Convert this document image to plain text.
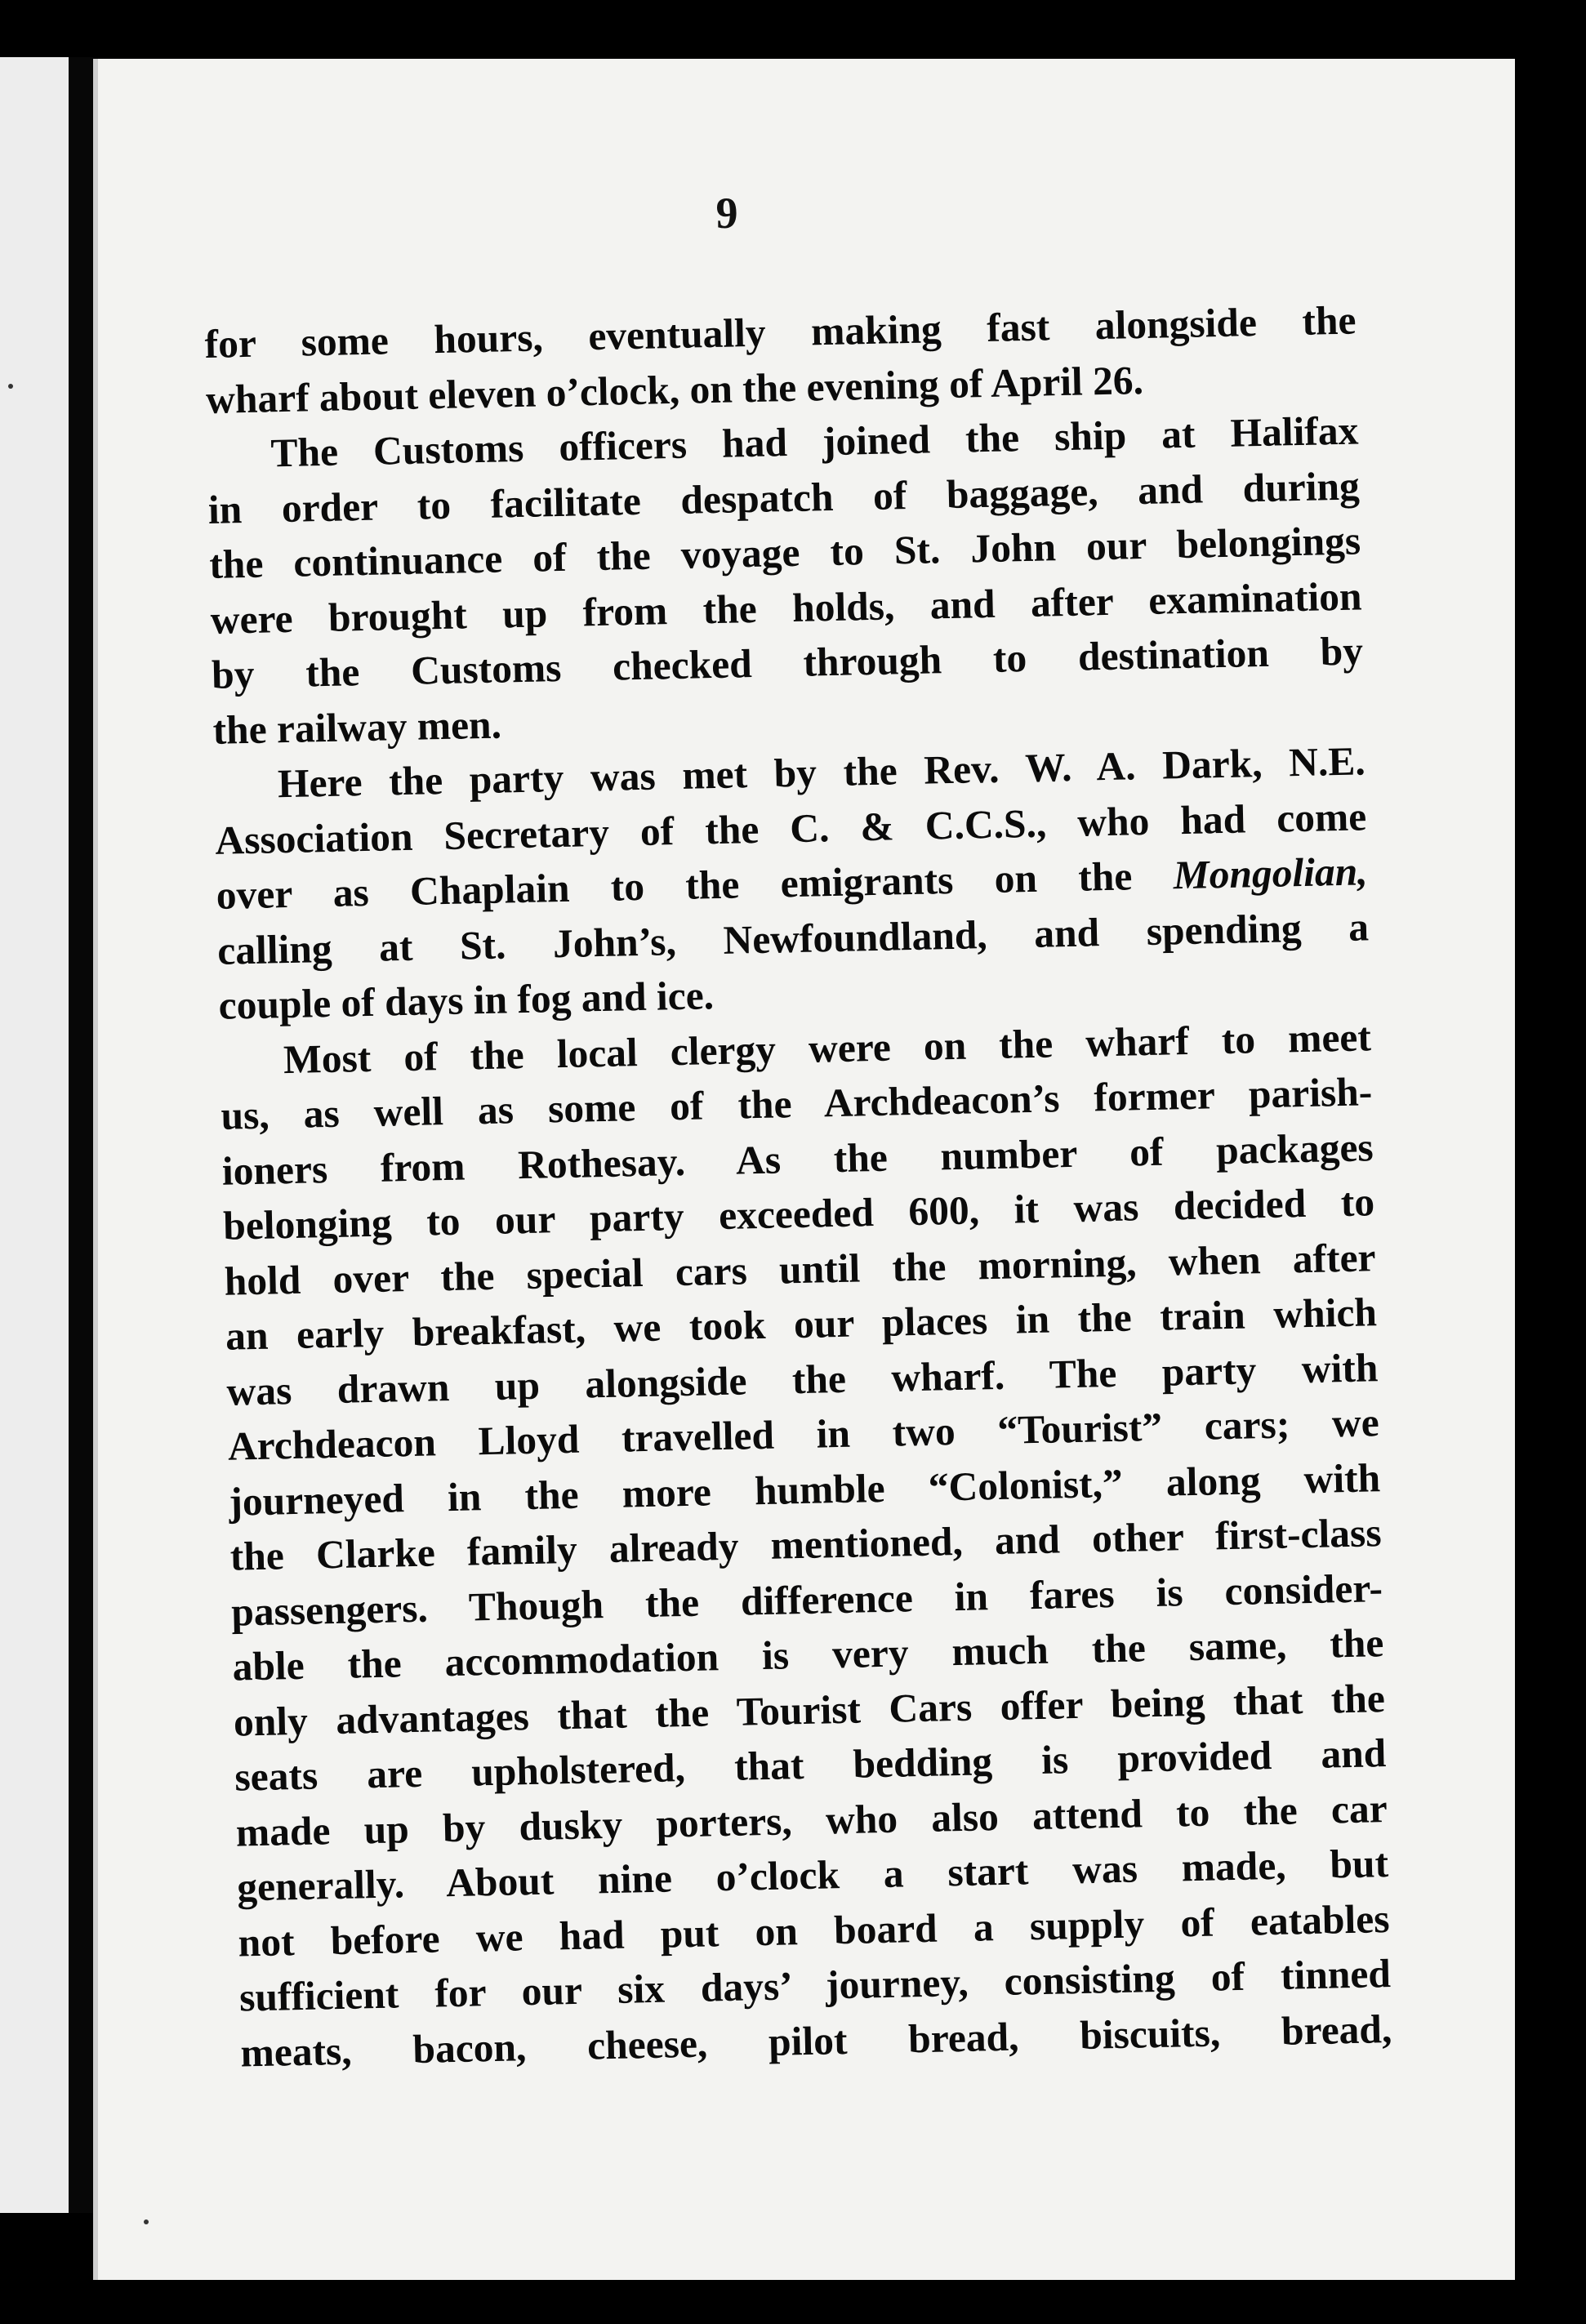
9
for some hours, eventually making fast alongside the
wharf about eleven o’clock, on the evening of April 26.
The Customs officers had joined the ship at Halifax
in order to facilitate despatch of baggage, and during
the continuance of the voyage to St. John our belongings
were brought up from the holds, and after examination
by the Customs checked through to destination by
the railway men.
Here the party was met by the Rev. W. A. Dark, N.E.
Association Secretary of the C. & C.C.S., who had come
over as Chaplain to the emigrants on the Mongolian,
calling at St. John’s, Newfoundland, and spending a
couple of days in fog and ice.
Most of the local clergy were on the wharf to meet
us, as well as some of the Archdeacon’s former parish-
ioners from Rothesay. As the number of packages
belonging to our party exceeded 600, it was decided to
hold over the special cars until the morning, when after
an early breakfast, we took our places in the train which
was drawn up alongside the wharf. The party with
Archdeacon Lloyd travelled in two “Tourist” cars; we
journeyed in the more humble “Colonist,” along with
the Clarke family already mentioned, and other first-class
passengers. Though the difference in fares is consider-
able the accommodation is very much the same, the
only advantages that the Tourist Cars offer being that the
seats are upholstered, that bedding is provided and
made up by dusky porters, who also attend to the car
generally. About nine o’clock a start was made, but
not before we had put on board a supply of eatables
sufficient for our six days’ journey, consisting of tinned
meats, bacon, cheese, pilot bread, biscuits, bread,
